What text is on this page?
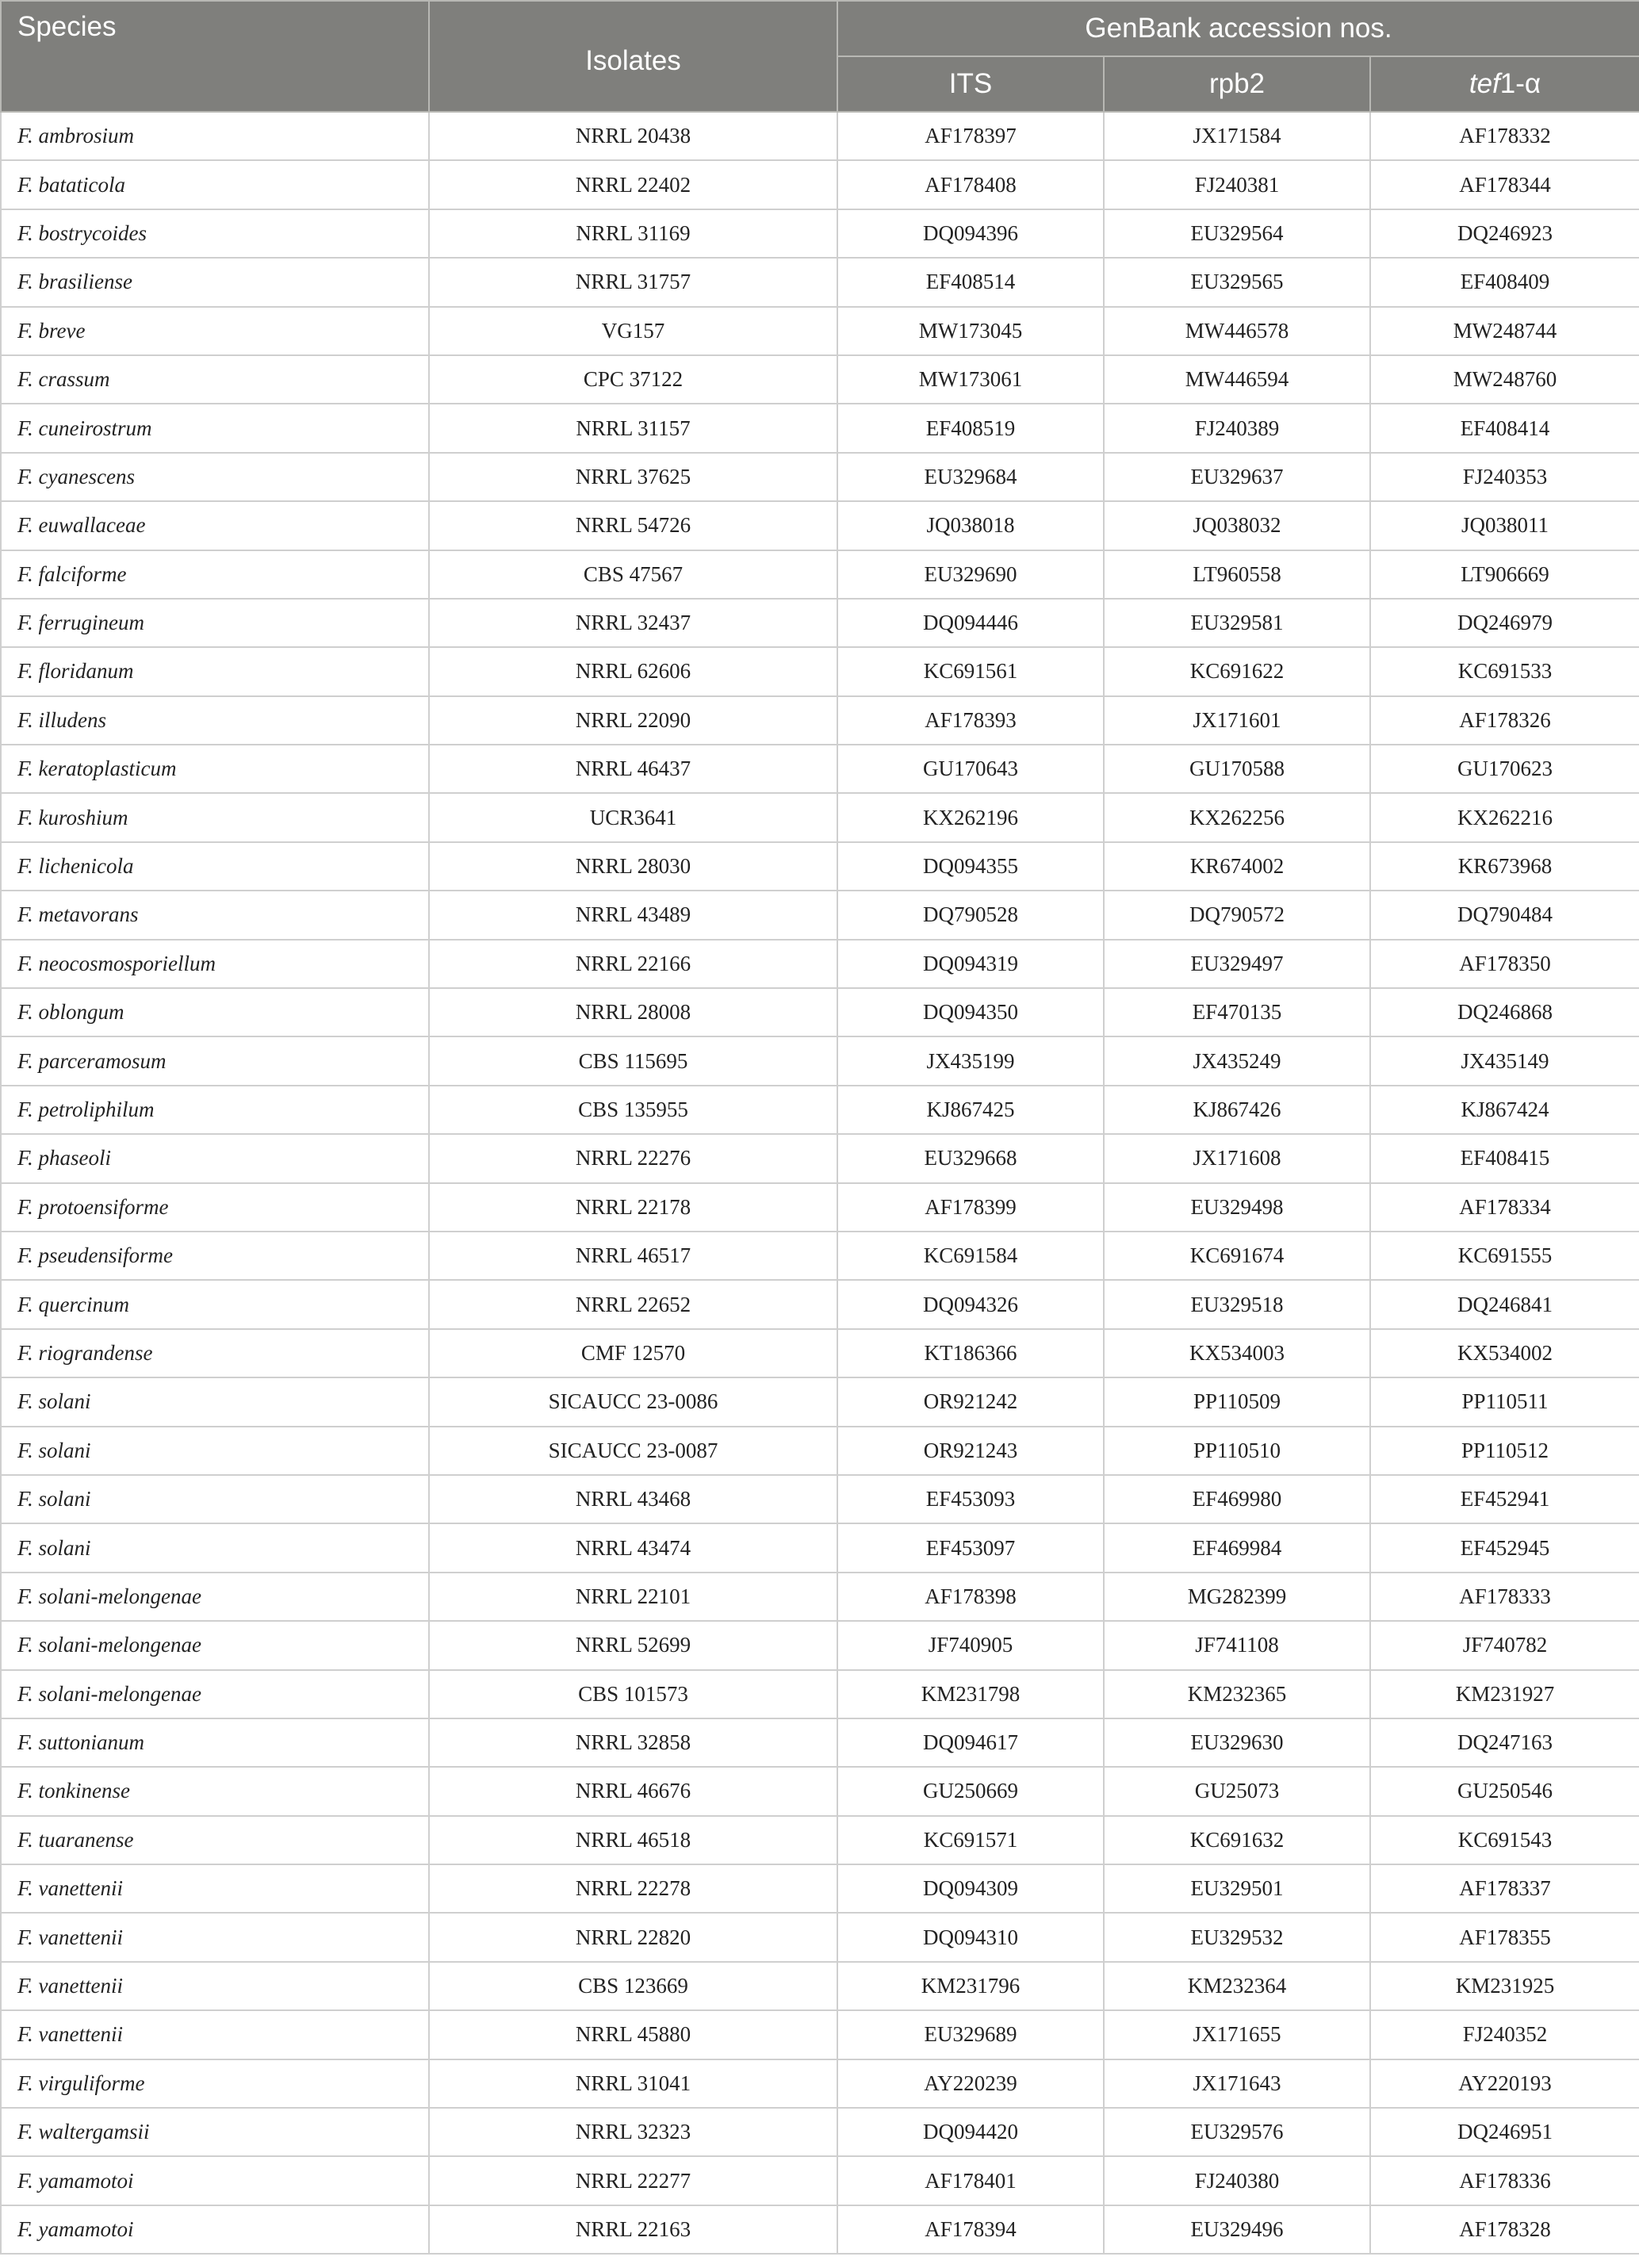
Species	Isolates	GenBank accession nos.		
		ITS	rpb2	tef1-α
F. ambrosium	NRRL 20438	AF178397	JX171584	AF178332
F. bataticola	NRRL 22402	AF178408	FJ240381	AF178344
F. bostrycoides	NRRL 31169	DQ094396	EU329564	DQ246923
F. brasiliense	NRRL 31757	EF408514	EU329565	EF408409
F. breve	VG157	MW173045	MW446578	MW248744
F. crassum	CPC 37122	MW173061	MW446594	MW248760
F. cuneirostrum	NRRL 31157	EF408519	FJ240389	EF408414
F. cyanescens	NRRL 37625	EU329684	EU329637	FJ240353
F. euwallaceae	NRRL 54726	JQ038018	JQ038032	JQ038011
F. falciforme	CBS 47567	EU329690	LT960558	LT906669
F. ferrugineum	NRRL 32437	DQ094446	EU329581	DQ246979
F. floridanum	NRRL 62606	KC691561	KC691622	KC691533
F. illudens	NRRL 22090	AF178393	JX171601	AF178326
F. keratoplasticum	NRRL 46437	GU170643	GU170588	GU170623
F. kuroshium	UCR3641	KX262196	KX262256	KX262216
F. lichenicola	NRRL 28030	DQ094355	KR674002	KR673968
F. metavorans	NRRL 43489	DQ790528	DQ790572	DQ790484
F. neocosmosporiellum	NRRL 22166	DQ094319	EU329497	AF178350
F. oblongum	NRRL 28008	DQ094350	EF470135	DQ246868
F. parceramosum	CBS 115695	JX435199	JX435249	JX435149
F. petroliphilum	CBS 135955	KJ867425	KJ867426	KJ867424
F. phaseoli	NRRL 22276	EU329668	JX171608	EF408415
F. protoensiforme	NRRL 22178	AF178399	EU329498	AF178334
F. pseudensiforme	NRRL 46517	KC691584	KC691674	KC691555
F. quercinum	NRRL 22652	DQ094326	EU329518	DQ246841
F. riograndense	CMF 12570	KT186366	KX534003	KX534002
F. solani	SICAUCC 23-0086	OR921242	PP110509	PP110511
F. solani	SICAUCC 23-0087	OR921243	PP110510	PP110512
F. solani	NRRL 43468	EF453093	EF469980	EF452941
F. solani	NRRL 43474	EF453097	EF469984	EF452945
F. solani-melongenae	NRRL 22101	AF178398	MG282399	AF178333
F. solani-melongenae	NRRL 52699	JF740905	JF741108	JF740782
F. solani-melongenae	CBS 101573	KM231798	KM232365	KM231927
F. suttonianum	NRRL 32858	DQ094617	EU329630	DQ247163
F. tonkinense	NRRL 46676	GU250669	GU25073	GU250546
F. tuaranense	NRRL 46518	KC691571	KC691632	KC691543
F. vanettenii	NRRL 22278	DQ094309	EU329501	AF178337
F. vanettenii	NRRL 22820	DQ094310	EU329532	AF178355
F. vanettenii	CBS 123669	KM231796	KM232364	KM231925
F. vanettenii	NRRL 45880	EU329689	JX171655	FJ240352
F. virguliforme	NRRL 31041	AY220239	JX171643	AY220193
F. waltergamsii	NRRL 32323	DQ094420	EU329576	DQ246951
F. yamamotoi	NRRL 22277	AF178401	FJ240380	AF178336
F. yamamotoi	NRRL 22163	AF178394	EU329496	AF178328
